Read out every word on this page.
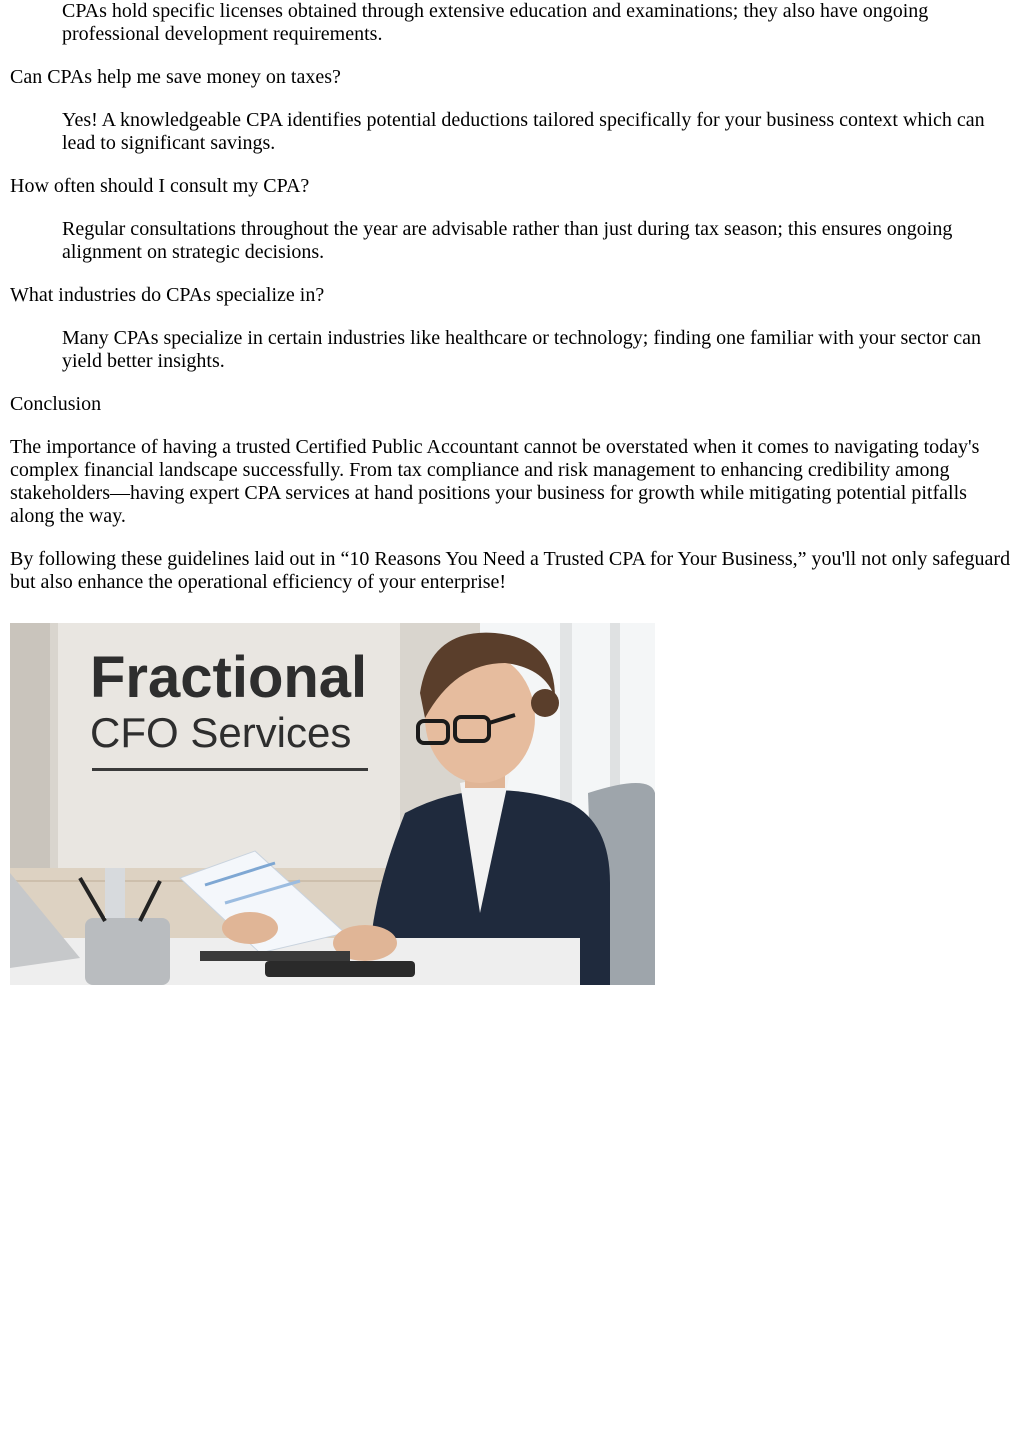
CPAs hold specific licenses obtained through extensive education and examinations; they also have ongoing professional development requirements.

Can CPAs help me save money on taxes?

Yes! A knowledgeable CPA identifies potential deductions tailored specifically for your business context which can lead to significant savings.

How often should I consult my CPA?

Regular consultations throughout the year are advisable rather than just during tax season; this ensures ongoing alignment on strategic decisions.

What industries do CPAs specialize in?

Many CPAs specialize in certain industries like healthcare or technology; finding one familiar with your sector can yield better insights.

Conclusion

The importance of having a trusted Certified Public Accountant cannot be overstated when it comes to navigating today's complex financial landscape successfully. From tax compliance and risk management to enhancing credibility among stakeholders—having expert CPA services at hand positions your business for growth while mitigating potential pitfalls along the way.

By following these guidelines laid out in “10 Reasons You Need a Trusted CPA for Your Business,” you'll not only safeguard but also enhance the operational efficiency of your enterprise!

Fractional
CFO Services
